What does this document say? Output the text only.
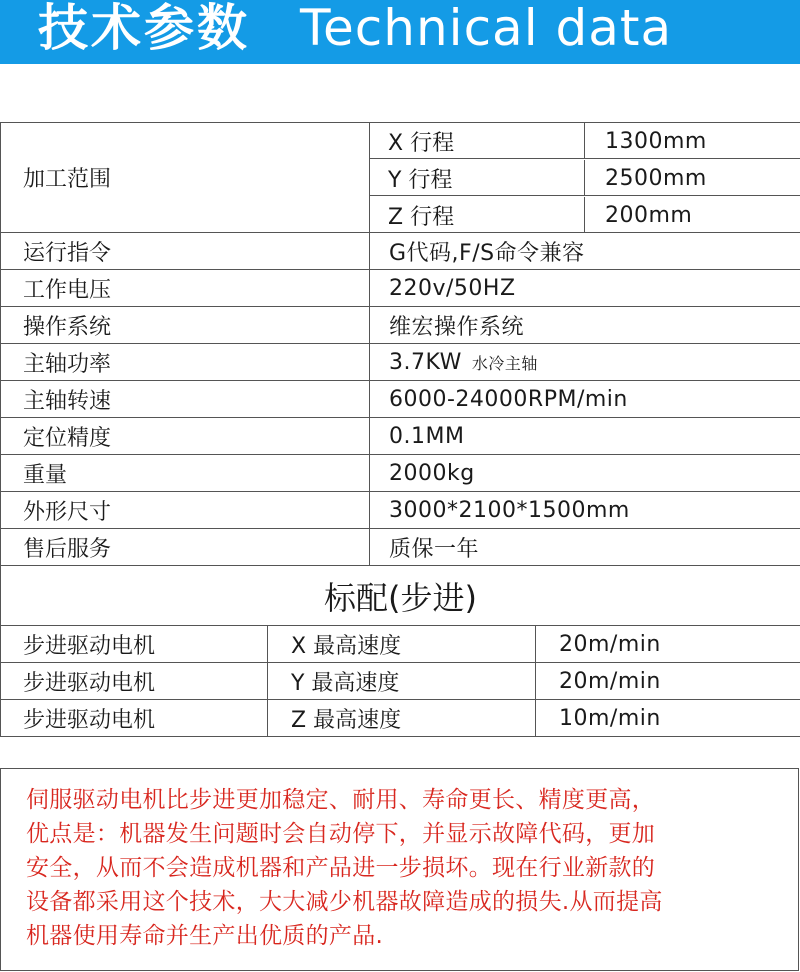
技术参数 Technical data
加工范围
X 行程	1300mm
Y 行程	2500mm
Z 行程	200mm
运行指令	G代码,F/S命令兼容
工作电压	220v/50HZ
操作系统	维宏操作系统
主轴功率	3.7KW 水冷主轴
主轴转速	6000-24000RPM/min
定位精度	0.1MM
重量	2000kg
外形尺寸	3000*2100*1500mm
售后服务	质保一年
标配(步进)
步进驱动电机	X 最高速度	20m/min
步进驱动电机	Y 最高速度	20m/min
步进驱动电机	Z 最高速度	10m/min
伺服驱动电机比步进更加稳定、耐用、寿命更长、精度更高，
优点是：机器发生问题时会自动停下，并显示故障代码，更加
安全，从而不会造成机器和产品进一步损坏。现在行业新款的
设备都采用这个技术，大大减少机器故障造成的损失.从而提高
机器使用寿命并生产出优质的产品.
